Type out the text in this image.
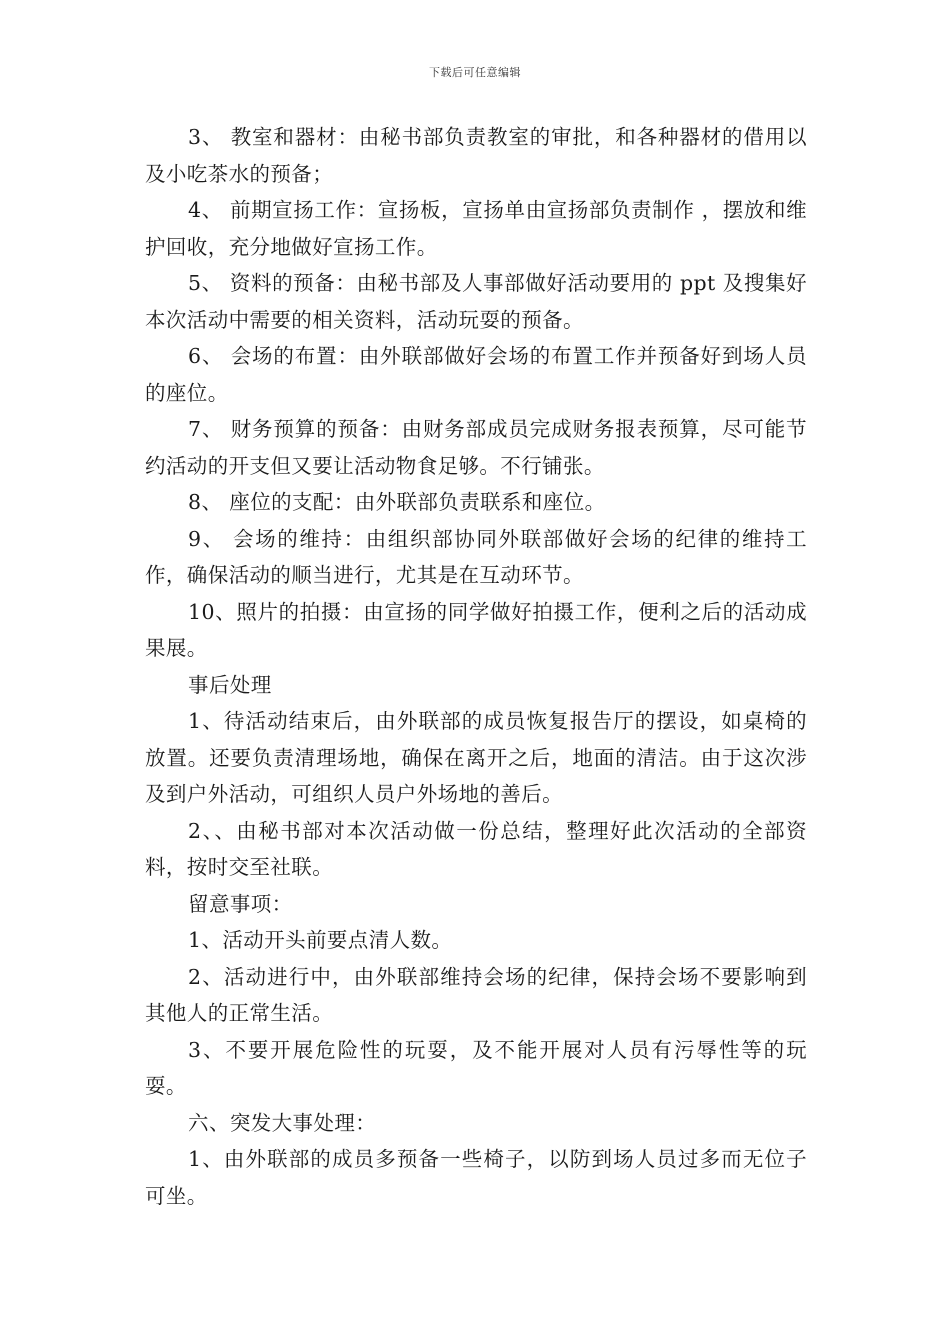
下载后可任意编辑

3、 教室和器材：由秘书部负责教室的审批，和各种器材的借用以及小吃茶水的预备；

4、 前期宣扬工作：宣扬板，宣扬单由宣扬部负责制作 ，摆放和维护回收，充分地做好宣扬工作。

5、 资料的预备：由秘书部及人事部做好活动要用的 ppt 及搜集好本次活动中需要的相关资料，活动玩耍的预备。

6、 会场的布置：由外联部做好会场的布置工作并预备好到场人员的座位。

7、 财务预算的预备：由财务部成员完成财务报表预算，尽可能节约活动的开支但又要让活动物食足够。不行铺张。

8、 座位的支配：由外联部负责联系和座位。

9、 会场的维持：由组织部协同外联部做好会场的纪律的维持工作，确保活动的顺当进行，尤其是在互动环节。

10、照片的拍摄：由宣扬的同学做好拍摄工作，便利之后的活动成果展。

事后处理

1、待活动结束后，由外联部的成员恢复报告厅的摆设，如桌椅的放置。还要负责清理场地，确保在离开之后，地面的清洁。由于这次涉及到户外活动，可组织人员户外场地的善后。

2、、由秘书部对本次活动做一份总结，整理好此次活动的全部资料，按时交至社联。

留意事项：

1、活动开头前要点清人数。

2、活动进行中，由外联部维持会场的纪律，保持会场不要影响到其他人的正常生活。

3、不要开展危险性的玩耍，及不能开展对人员有污辱性等的玩耍。

六、突发大事处理：

1、由外联部的成员多预备一些椅子，以防到场人员过多而无位子可坐。
